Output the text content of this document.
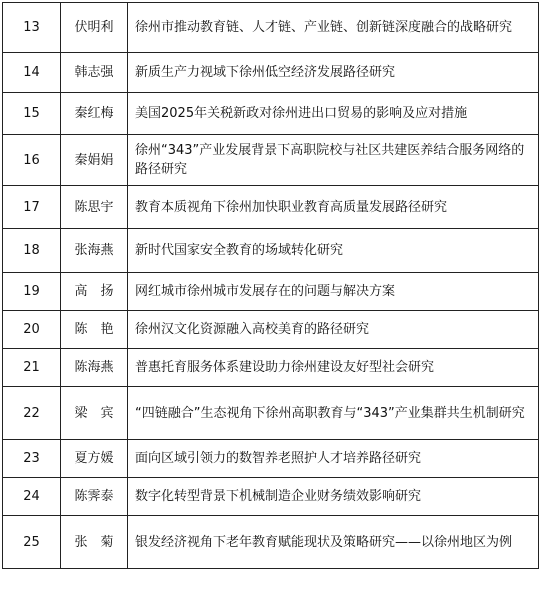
13	伏明利	徐州市推动教育链、人才链、产业链、创新链深度融合的战略研究
14	韩志强	新质生产力视域下徐州低空经济发展路径研究
15	秦红梅	美国2025年关税新政对徐州进出口贸易的影响及应对措施
16	秦娟娟	徐州“343”产业发展背景下高职院校与社区共建医养结合服务网络的路径研究
17	陈思宇	教育本质视角下徐州加快职业教育高质量发展路径研究
18	张海燕	新时代国家安全教育的场域转化研究
19	高　扬	网红城市徐州城市发展存在的问题与解决方案
20	陈　艳	徐州汉文化资源融入高校美育的路径研究
21	陈海燕	普惠托育服务体系建设助力徐州建设友好型社会研究
22	梁　宾	“四链融合”生态视角下徐州高职教育与“343”产业集群共生机制研究
23	夏方媛	面向区域引领力的数智养老照护人才培养路径研究
24	陈霁泰	数字化转型背景下机械制造企业财务绩效影响研究
25	张　菊	银发经济视角下老年教育赋能现状及策略研究——以徐州地区为例
